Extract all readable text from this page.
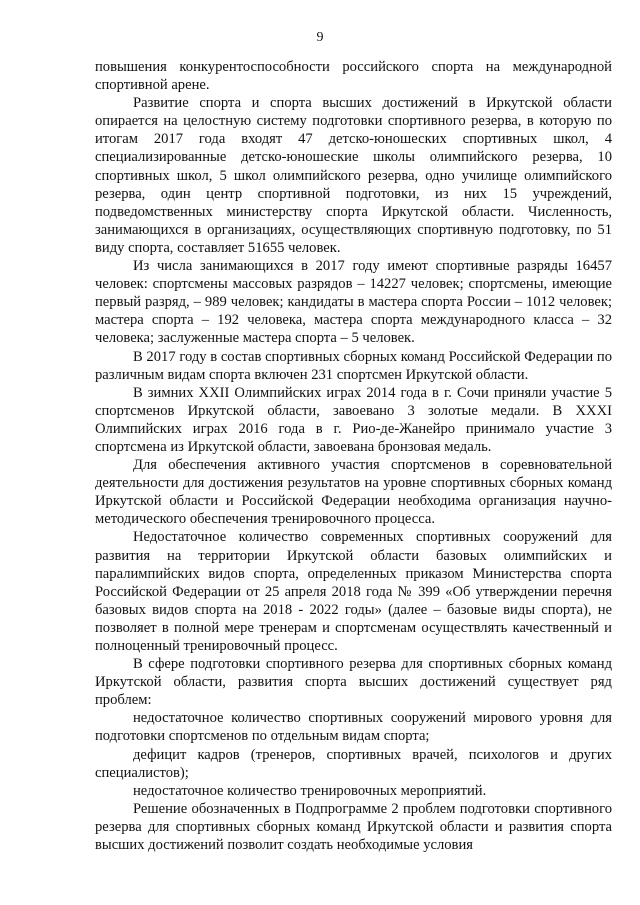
9

повышения конкурентоспособности российского спорта на международной спортивной арене.

Развитие спорта и спорта высших достижений в Иркутской области опирается на целостную систему подготовки спортивного резерва, в которую по итогам 2017 года входят 47 детско-юношеских спортивных школ, 4 специализированные детско-юношеские школы олимпийского резерва, 10 спортивных школ, 5 школ олимпийского резерва, одно училище олимпийского резерва, один центр спортивной подготовки, из них 15 учреждений, подведомственных министерству спорта Иркутской области. Численность, занимающихся в организациях, осуществляющих спортивную подготовку, по 51 виду спорта, составляет 51655 человек.

Из числа занимающихся в 2017 году имеют спортивные разряды 16457 человек: спортсмены массовых разрядов – 14227 человек; спортсмены, имеющие первый разряд, – 989 человек; кандидаты в мастера спорта России – 1012 человек; мастера спорта – 192 человека, мастера спорта международного класса – 32 человека; заслуженные мастера спорта – 5 человек.

В 2017 году в состав спортивных сборных команд Российской Федерации по различным видам спорта включен 231 спортсмен Иркутской области.

В зимних XXII Олимпийских играх 2014 года в г. Сочи приняли участие 5 спортсменов Иркутской области, завоевано 3 золотые медали. В XXXI Олимпийских играх 2016 года в г. Рио-де-Жанейро принимало участие 3 спортсмена из Иркутской области, завоевана бронзовая медаль.

Для обеспечения активного участия спортсменов в соревновательной деятельности для достижения результатов на уровне спортивных сборных команд Иркутской области и Российской Федерации необходима организация научно-методического обеспечения тренировочного процесса.

Недостаточное количество современных спортивных сооружений для развития на территории Иркутской области базовых олимпийских и паралимпийских видов спорта, определенных приказом Министерства спорта Российской Федерации от 25 апреля 2018 года № 399 «Об утверждении перечня базовых видов спорта на 2018 - 2022 годы» (далее – базовые виды спорта), не позволяет в полной мере тренерам и спортсменам осуществлять качественный и полноценный тренировочный процесс.

В сфере подготовки спортивного резерва для спортивных сборных команд Иркутской области, развития спорта высших достижений существует ряд проблем:

недостаточное количество спортивных сооружений мирового уровня для подготовки спортсменов по отдельным видам спорта;

дефицит кадров (тренеров, спортивных врачей, психологов и других специалистов);

недостаточное количество тренировочных мероприятий.

Решение обозначенных в Подпрограмме 2 проблем подготовки спортивного резерва для спортивных сборных команд Иркутской области и развития спорта высших достижений позволит создать необходимые условия
